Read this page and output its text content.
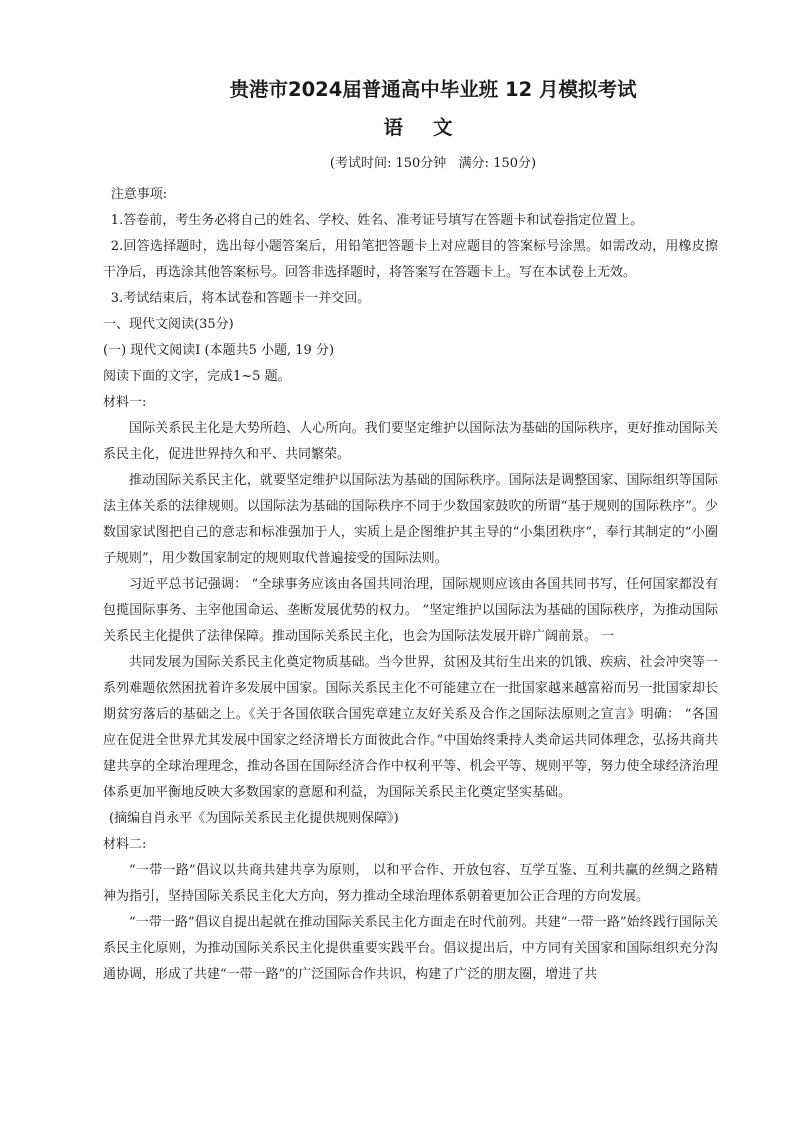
贵港市2024届普通高中毕业班 12 月模拟考试
语文
(考试时间: 150分钟   满分: 150分)

注意事项:

1.答卷前，考生务必将自己的姓名、学校、姓名、准考证号填写在答题卡和试卷指定位置上。

2.回答选择题时，选出每小题答案后，用铅笔把答题卡上对应题目的答案标号涂黑。如需改动，用橡皮擦干净后，再选涂其他答案标号。回答非选择题时，将答案写在答题卡上。写在本试卷上无效。

3.考试结束后，将本试卷和答题卡一并交回。

一、现代文阅读(35分)

(一) 现代文阅读Ⅰ (本题共5 小题, 19 分)

阅读下面的文字，完成1~5 题。

材料一:

国际关系民主化是大势所趋、人心所向。我们要坚定维护以国际法为基础的国际秩序，更好推动国际关系民主化，促进世界持久和平、共同繁荣。

推动国际关系民主化，就要坚定维护以国际法为基础的国际秩序。国际法是调整国家、国际组织等国际法主体关系的法律规则。以国际法为基础的国际秩序不同于少数国家鼓吹的所谓“基于规则的国际秩序”。少数国家试图把自己的意志和标准强加于人，实质上是企图维护其主导的“小集团秩序”，奉行其制定的“小圈子规则”，用少数国家制定的规则取代普遍接受的国际法则。

习近平总书记强调： “全球事务应该由各国共同治理，国际规则应该由各国共同书写，任何国家都没有包揽国际事务、主宰他国命运、垄断发展优势的权力。 ”坚定维护以国际法为基础的国际秩序，为推动国际关系民主化提供了法律保障。推动国际关系民主化，也会为国际法发展开辟广阔前景。 一

共同发展为国际关系民主化奠定物质基础。当今世界，贫困及其衍生出来的饥饿、疾病、社会冲突等一系列难题依然困扰着许多发展中国家。国际关系民主化不可能建立在一批国家越来越富裕而另一批国家却长期贫穷落后的基础之上。《关于各国依联合国宪章建立友好关系及合作之国际法原则之宣言》明确： “各国应在促进全世界尤其发展中国家之经济增长方面彼此合作。”中国始终秉持人类命运共同体理念，弘扬共商共建共享的全球治理理念，推动各国在国际经济合作中权利平等、机会平等、规则平等，努力使全球经济治理体系更加平衡地反映大多数国家的意愿和利益，为国际关系民主化奠定坚实基础。

(摘编自肖永平《为国际关系民主化提供规则保障》)

材料二:

“一带一路”倡议以共商共建共享为原则， 以和平合作、开放包容、互学互鉴、互利共赢的丝绸之路精神为指引，坚持国际关系民主化大方向，努力推动全球治理体系朝着更加公正合理的方向发展。

“一带一路”倡议自提出起就在推动国际关系民主化方面走在时代前列。共建“一带一路”始终践行国际关系民主化原则，为推动国际关系民主化提供重要实践平台。倡议提出后，中方同有关国家和国际组织充分沟通协调，形成了共建“一带一路”的广泛国际合作共识，构建了广泛的朋友圈，增进了共
